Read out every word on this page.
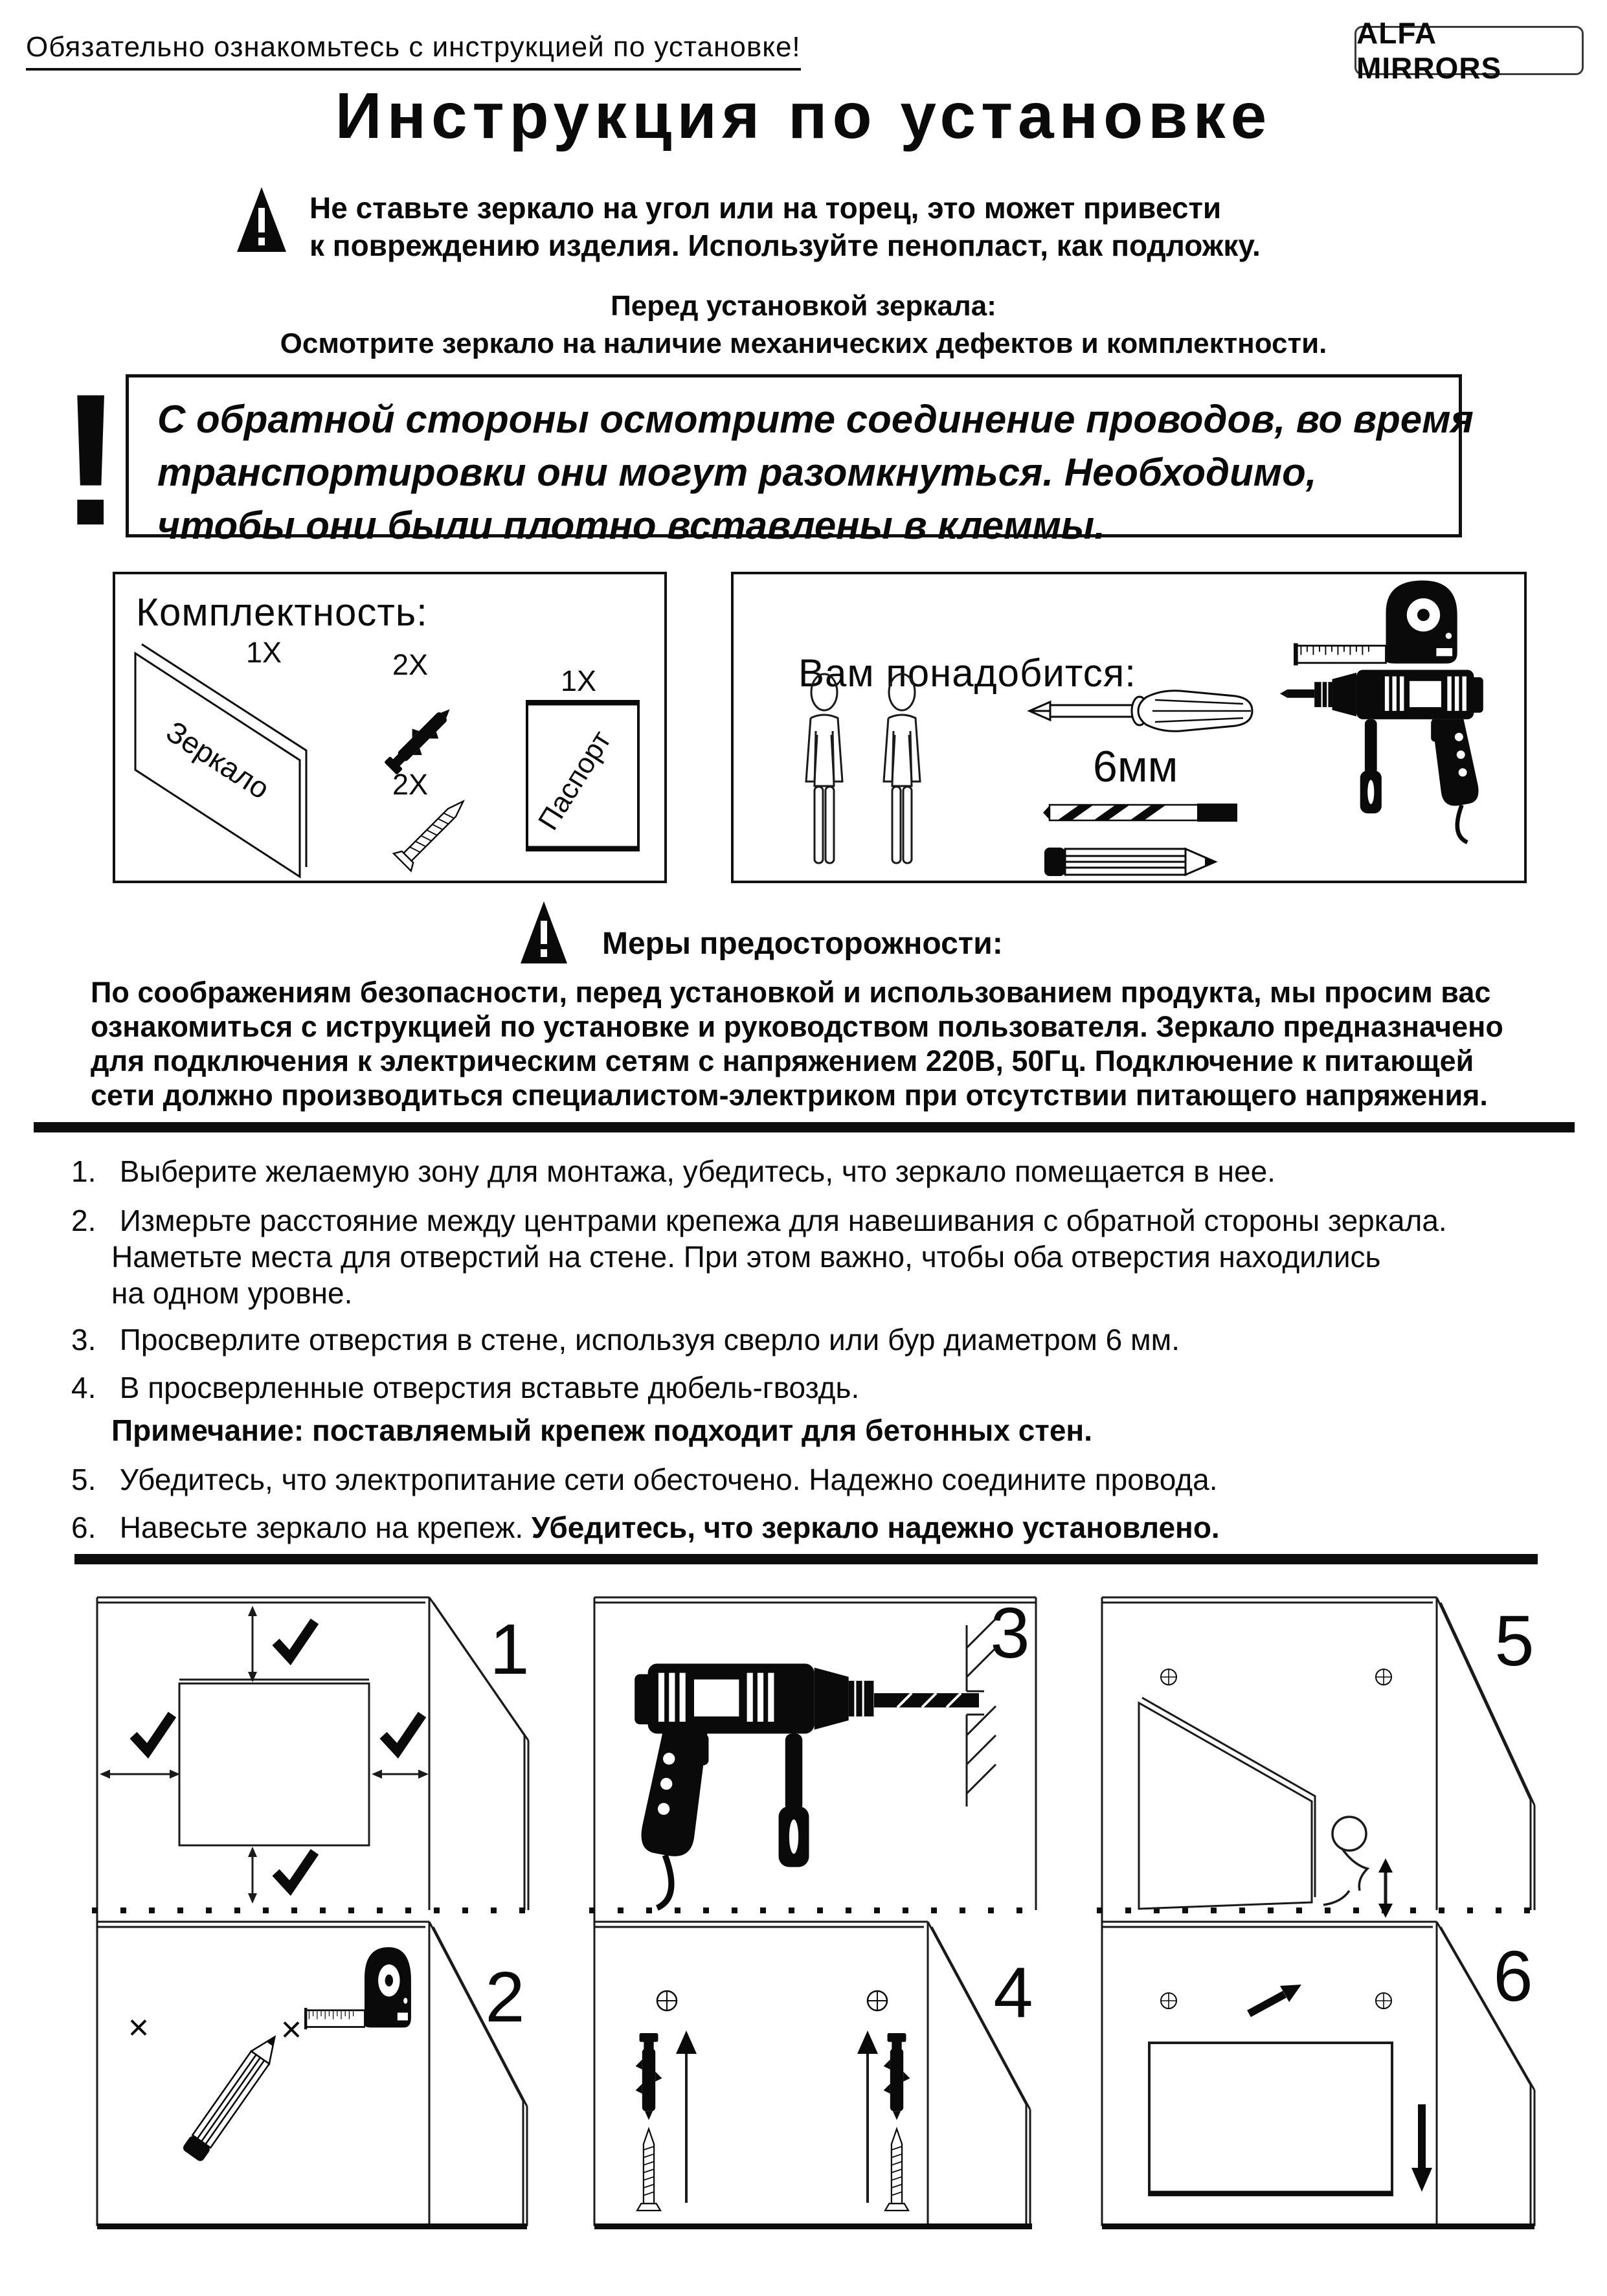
Обязательно ознакомьтесь с инструкцией по установке!	ALFA MIRRORS
Инструкция по установке
Не ставьте зеркало на угол или на торец, это может привести
к повреждению изделия. Используйте пенопласт, как подложку.
Перед установкой зеркала:
Осмотрите зеркало на наличие механических дефектов и комплектности.
! С обратной стороны осмотрите соединение проводов, во время
транспортировки они могут разомкнуться. Необходимо,
чтобы они были плотно вставлены в клеммы.
Комплектность:
1X
Зеркало
2X
2X
1X
Паспорт
Вам понадобится:
6мм
Меры предосторожности:
По соображениям безопасности, перед установкой и использованием продукта, мы просим вас
ознакомиться с иструкцией по установке и руководством пользователя. Зеркало предназначено
для подключения к электрическим сетям с напряжением 220В, 50Гц. Подключение к питающей
сети должно производиться специалистом-электриком при отсутствии питающего напряжения.
1. Выберите желаемую зону для монтажа, убедитесь, что зеркало помещается в нее.
2. Измерьте расстояние между центрами крепежа для навешивания с обратной стороны зеркала.
Наметьте места для отверстий на стене. При этом важно, чтобы оба отверстия находились
на одном уровне.
3. Просверлите отверстия в стене, используя сверло или бур диаметром 6 мм.
4. В просверленные отверстия вставьте дюбель-гвоздь.
Примечание: поставляемый крепеж подходит для бетонных стен.
5. Убедитесь, что электропитание сети обесточено. Надежно соедините провода.
6. Навесьте зеркало на крепеж. Убедитесь, что зеркало надежно установлено.
1
2
×	×
3
4
5
6
